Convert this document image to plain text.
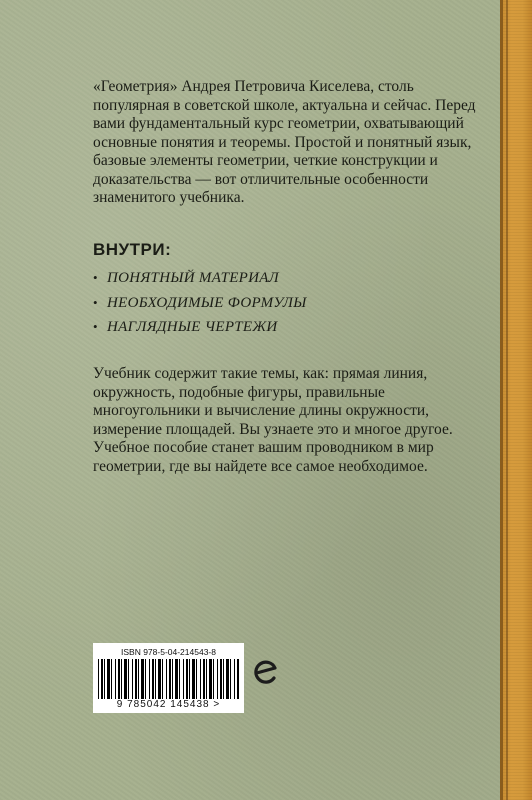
«Геометрия» Андрея Петровича Киселева, столь популярная в советской школе, актуальна и сейчас. Перед вами фундаментальный курс геометрии, охватывающий основные понятия и теоремы. Простой и понятный язык, базовые элементы геометрии, четкие конструкции и доказательства — вот отличительные особенности знаменитого учебника.

ВНУТРИ:
• ПОНЯТНЫЙ МАТЕРИАЛ
• НЕОБХОДИМЫЕ ФОРМУЛЫ
• НАГЛЯДНЫЕ ЧЕРТЕЖИ

Учебник содержит такие темы, как: прямая линия, окружность, подобные фигуры, правильные многоугольники и вычисление длины окружности, измерение площадей. Вы узнаете это и многое другое. Учебное пособие станет вашим проводником в мир геометрии, где вы найдете все самое необходимое.

ISBN 978-5-04-214543-8
9 785042 145438 >
